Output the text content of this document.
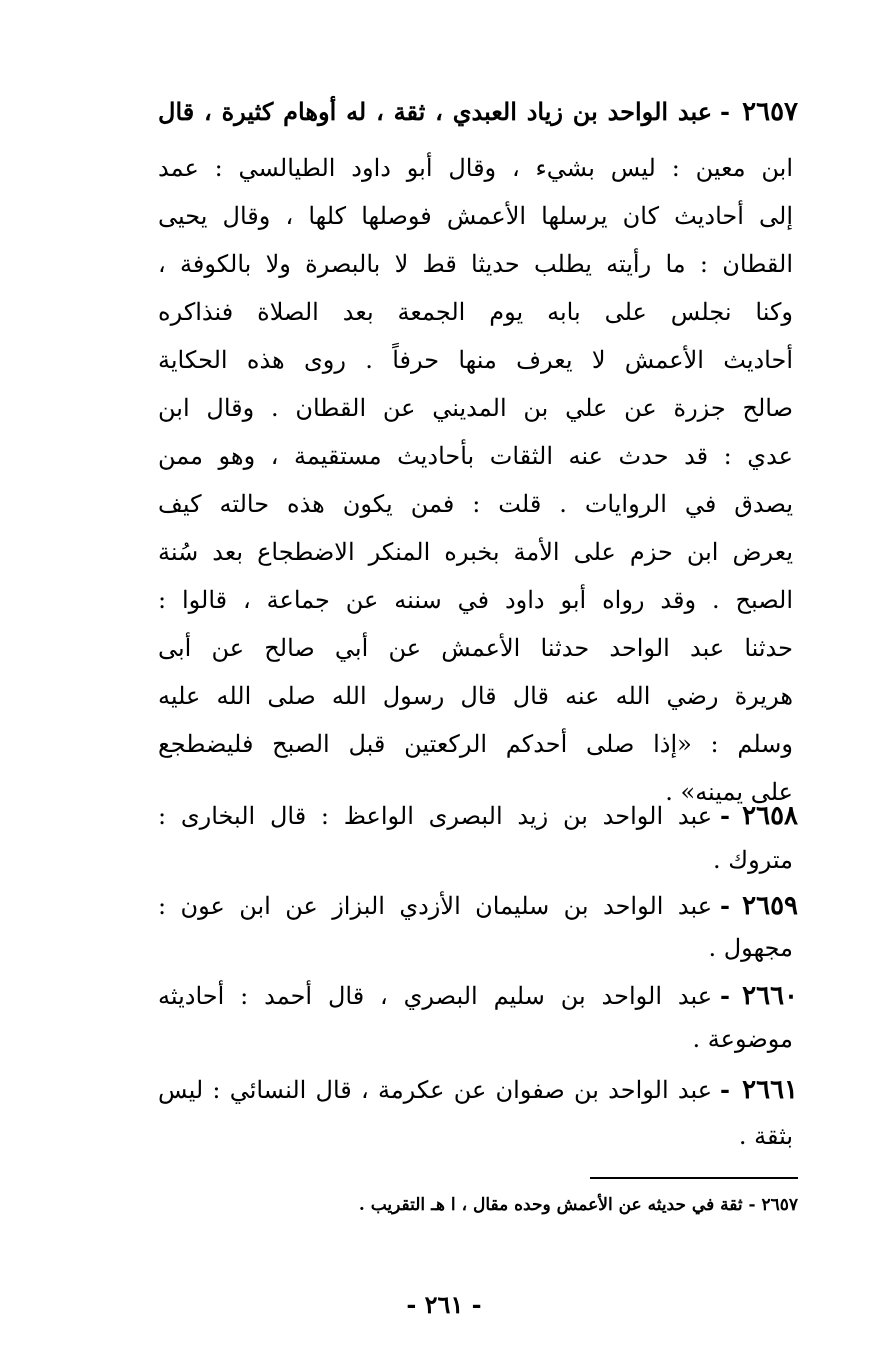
٢٦٥٧
-
عبد الواحد بن زياد العبدي ، ثقة ، له أوهام كثيرة ، قال
ابن معين : ليس بشيء ، وقال أبو داود الطيالسي : عمد
إلى أحاديث كان يرسلها الأعمش فوصلها كلها ، وقال يحيى
القطان : ما رأيته يطلب حديثا قط لا بالبصرة ولا بالكوفة ،
وكنا نجلس على بابه يوم الجمعة بعد الصلاة فنذاكره
أحاديث الأعمش لا يعرف منها حرفاً . روى هذه الحكاية
صالح جزرة عن علي بن المديني عن القطان . وقال ابن
عدي : قد حدث عنه الثقات بأحاديث مستقيمة ، وهو ممن
يصدق في الروايات . قلت : فمن يكون هذه حالته كيف
يعرض ابن حزم على الأمة بخبره المنكر الاضطجاع بعد سُنة
الصبح . وقد رواه أبو داود في سننه عن جماعة ، قالوا :
حدثنا عبد الواحد حدثنا الأعمش عن أبي صالح عن أبى
هريرة رضي الله عنه قال قال رسول الله صلى الله عليه
وسلم : «إذا صلى أحدكم الركعتين قبل الصبح فليضطجع
على يمينه» .
٢٦٥٨
-
عبد الواحد بن زيد البصرى الواعظ : قال البخارى :
متروك .
٢٦٥٩
-
عبد الواحد بن سليمان الأزدي البزاز عن ابن عون :
مجهول .
٢٦٦٠
-
عبد الواحد بن سليم البصري ، قال أحمد : أحاديثه
موضوعة .
٢٦٦١
-
عبد الواحد بن صفوان عن عكرمة ، قال النسائي : ليس
بثقة .
٢٦٥٧ - ثقة في حديثه عن الأعمش وحده مقال ، ا هـ التقريب .
- ٢٦١ -
